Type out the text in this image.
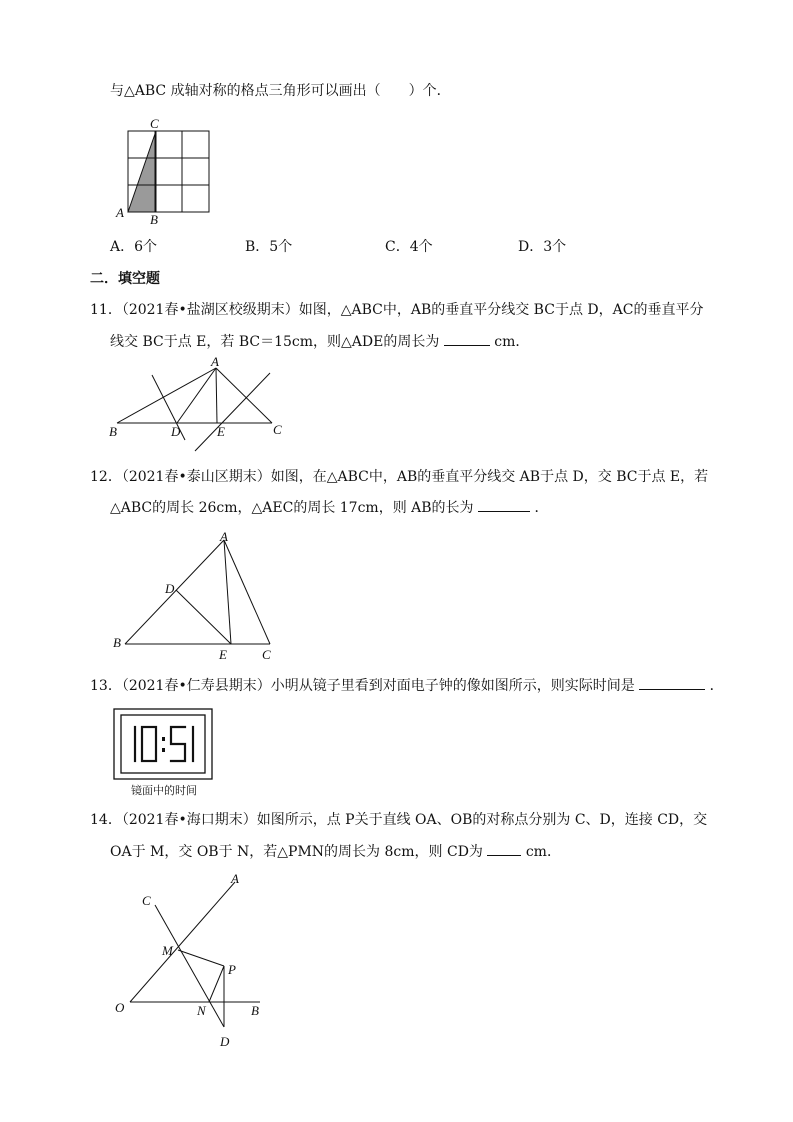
与△ABC 成轴对称的格点三角形可以画出（　　）个．
C
A B
A．6个	B．5个	C．4个	D．3个
二．填空题
11．（2021春•盐湖区校级期末）如图，△ABC中，AB的垂直平分线交 BC于点 D，AC的垂直平分
线交 BC于点 E，若 BC＝15cm，则△ADE的周长为	cm．
A
B	D	E	C
12．（2021春•泰山区期末）如图，在△ABC中，AB的垂直平分线交 AB于点 D，交 BC于点 E，若
△ABC的周长 26cm，△AEC的周长 17cm，则 AB的长为	．
A
D
B
E	C
13．（2021春•仁寿县期末）小明从镜子里看到对面电子钟的像如图所示，则实际时间是	．
镜面中的时间
14．（2021春•海口期末）如图所示，点 P关于直线 OA、OB的对称点分别为 C、D，连接 CD，交
OA于 M，交 OB于 N，若△PMN的周长为 8cm，则 CD为	cm．
A
C
M
P
O	N	B
D
